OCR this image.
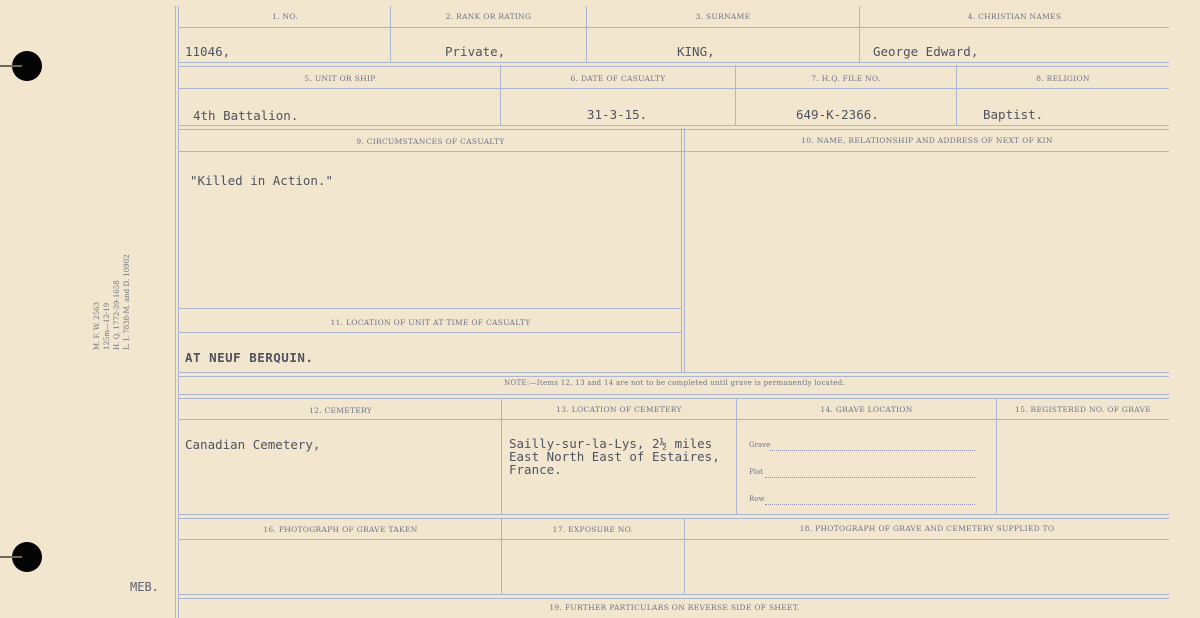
M. F. W. 2563 125m—12-19 H. Q. 1772-39-1658 L. I. 7838-M. and D. 10902
MEB.
1. NO.	2. RANK OR RATING	3. SURNAME	4. CHRISTIAN NAMES
11046,	Private,	KING,	George Edward,
5. UNIT OR SHIP	6. DATE OF CASUALTY	7. H.Q. FILE NO.	8. RELIGION
4th Battalion.	31-3-15.	649-K-2366.	Baptist.
9. CIRCUMSTANCES OF CASUALTY	10. NAME, RELATIONSHIP AND ADDRESS OF NEXT OF KIN
"Killed in Action."
11. LOCATION OF UNIT AT TIME OF CASUALTY
AT NEUF BERQUIN.
NOTE:—Items 12, 13 and 14 are not to be completed until grave is permanently located.
12. CEMETERY	13. LOCATION OF CEMETERY	14. GRAVE LOCATION	15. REGISTERED NO. OF GRAVE
Canadian Cemetery,	Sailly-sur-la-Lys, 2½ miles
East North East of Estaires,
France.
Grave
Plot
Row
16. PHOTOGRAPH OF GRAVE TAKEN	17. EXPOSURE NO.	18. PHOTOGRAPH OF GRAVE AND CEMETERY SUPPLIED TO
19. FURTHER PARTICULARS ON REVERSE SIDE OF SHEET.
